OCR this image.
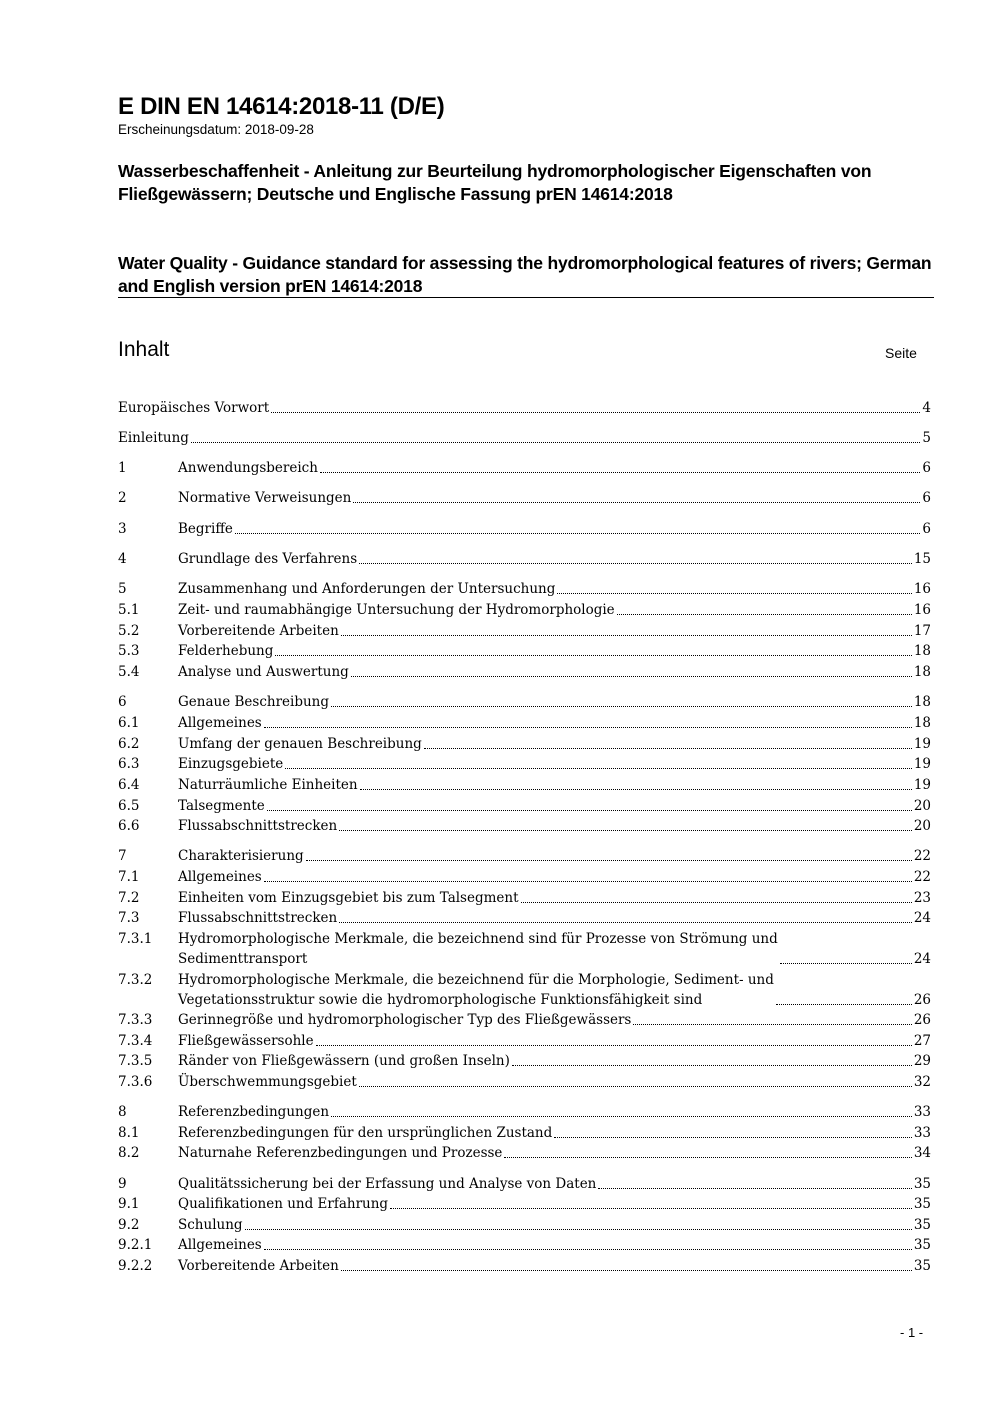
E DIN EN 14614:2018-11 (D/E)
Erscheinungsdatum: 2018-09-28
Wasserbeschaffenheit - Anleitung zur Beurteilung hydromorphologischer Eigenschaften von Fließgewässern; Deutsche und Englische Fassung prEN 14614:2018
Water Quality - Guidance standard for assessing the hydromorphological features of rivers; German and English version prEN 14614:2018
Inhalt	Seite
Europäisches Vorwort	4
Einleitung	5
1	Anwendungsbereich	6
2	Normative Verweisungen	6
3	Begriffe	6
4	Grundlage des Verfahrens	15
5	Zusammenhang und Anforderungen der Untersuchung	16
5.1	Zeit- und raumabhängige Untersuchung der Hydromorphologie	16
5.2	Vorbereitende Arbeiten	17
5.3	Felderhebung	18
5.4	Analyse und Auswertung	18
6	Genaue Beschreibung	18
6.1	Allgemeines	18
6.2	Umfang der genauen Beschreibung	19
6.3	Einzugsgebiete	19
6.4	Naturräumliche Einheiten	19
6.5	Talsegmente	20
6.6	Flussabschnittstrecken	20
7	Charakterisierung	22
7.1	Allgemeines	22
7.2	Einheiten vom Einzugsgebiet bis zum Talsegment	23
7.3	Flussabschnittstrecken	24
7.3.1 Hydromorphologische Merkmale, die bezeichnend sind für Prozesse von Strömung und
Sedimenttransport	24
7.3.2 Hydromorphologische Merkmale, die bezeichnend für die Morphologie, Sediment- und
Vegetationsstruktur sowie die hydromorphologische Funktionsfähigkeit sind	26
7.3.3 Gerinnegröße und hydromorphologischer Typ des Fließgewässers	26
7.3.4 Fließgewässersohle	27
7.3.5 Ränder von Fließgewässern (und großen Inseln)	29
7.3.6 Überschwemmungsgebiet	32
8	Referenzbedingungen	33
8.1	Referenzbedingungen für den ursprünglichen Zustand	33
8.2	Naturnahe Referenzbedingungen und Prozesse	34
9	Qualitätssicherung bei der Erfassung und Analyse von Daten	35
9.1	Qualifikationen und Erfahrung	35
9.2	Schulung	35
9.2.1 Allgemeines	35
9.2.2 Vorbereitende Arbeiten	35
- 1 -
